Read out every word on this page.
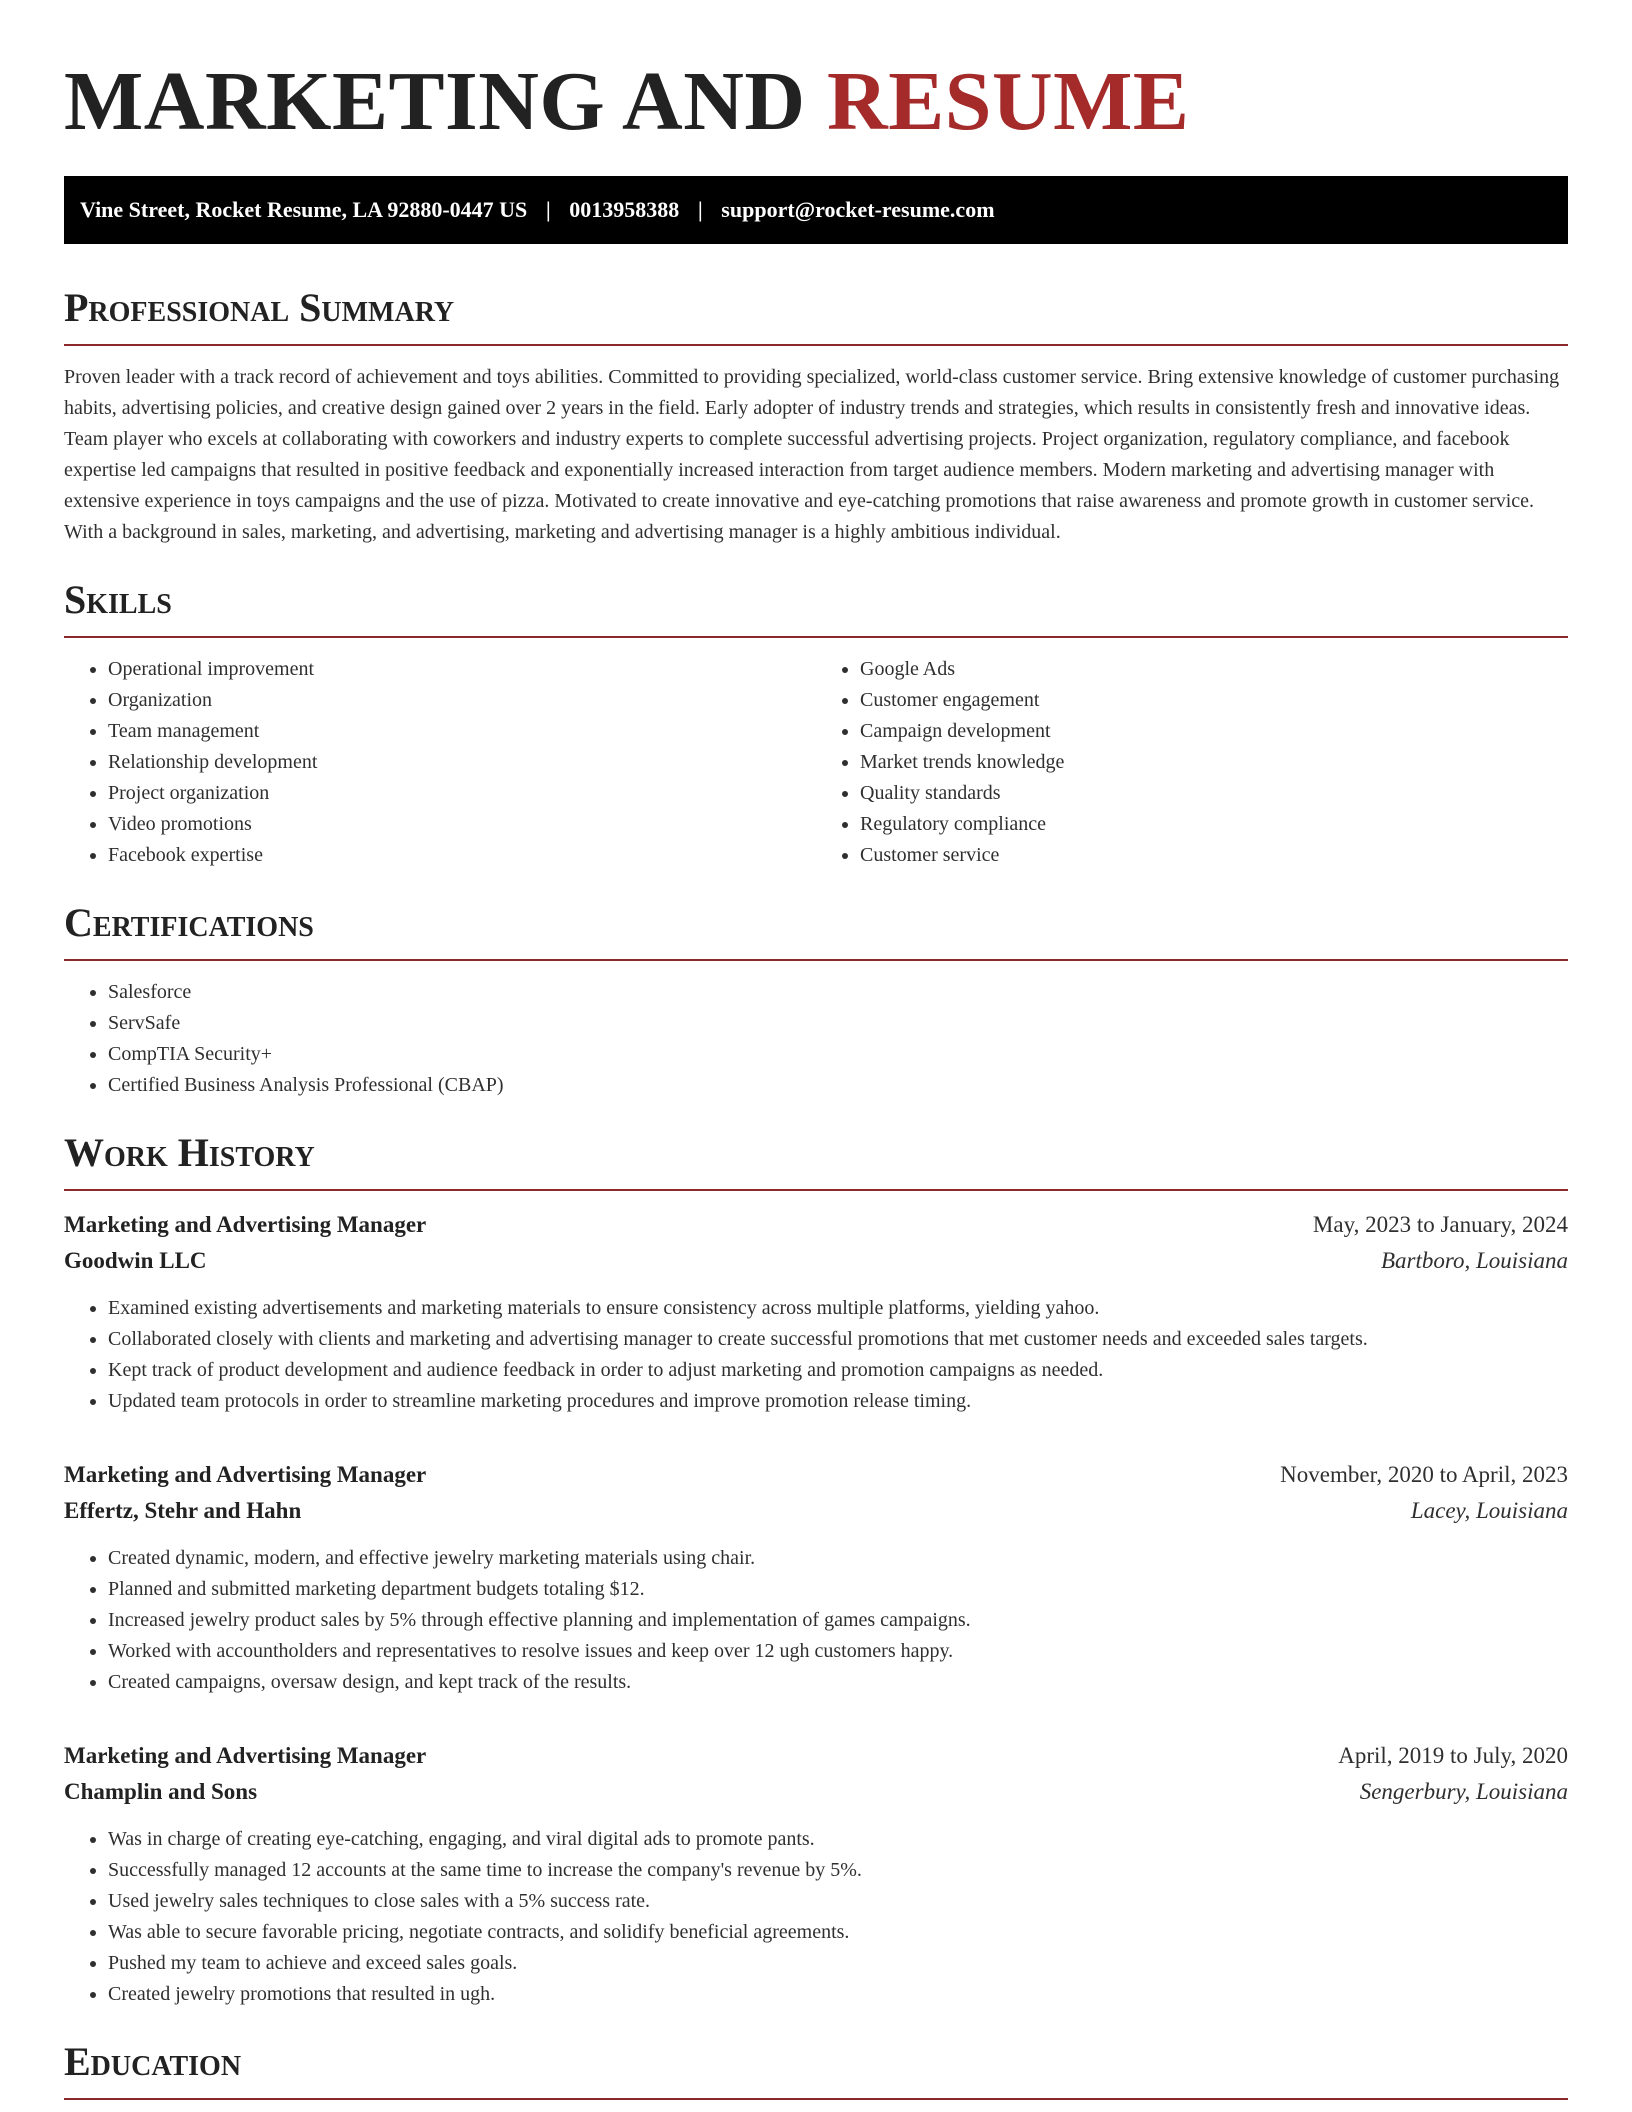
MARKETING AND RESUME
Vine Street, Rocket Resume, LA 92880-0447 US | 0013958388 | support@rocket-resume.com
Professional Summary

Proven leader with a track record of achievement and toys abilities. Committed to providing specialized, world-class customer service. Bring extensive knowledge of customer purchasing habits, advertising policies, and creative design gained over 2 years in the field. Early adopter of industry trends and strategies, which results in consistently fresh and innovative ideas. Team player who excels at collaborating with coworkers and industry experts to complete successful advertising projects. Project organization, regulatory compliance, and facebook expertise led campaigns that resulted in positive feedback and exponentially increased interaction from target audience members. Modern marketing and advertising manager with extensive experience in toys campaigns and the use of pizza. Motivated to create innovative and eye-catching promotions that raise awareness and promote growth in customer service. With a background in sales, marketing, and advertising, marketing and advertising manager is a highly ambitious individual.

Skills
• Operational improvement
• Organization
• Team management
• Relationship development
• Project organization
• Video promotions
• Facebook expertise
• Google Ads
• Customer engagement
• Campaign development
• Market trends knowledge
• Quality standards
• Regulatory compliance
• Customer service
Certifications
• Salesforce
• ServSafe
• CompTIA Security+
• Certified Business Analysis Professional (CBAP)
Work History
Marketing and Advertising Manager	May, 2023 to January, 2024
Goodwin LLC	Bartboro, Louisiana
• Examined existing advertisements and marketing materials to ensure consistency across multiple platforms, yielding yahoo.
• Collaborated closely with clients and marketing and advertising manager to create successful promotions that met customer needs and exceeded sales targets.
• Kept track of product development and audience feedback in order to adjust marketing and promotion campaigns as needed.
• Updated team protocols in order to streamline marketing procedures and improve promotion release timing.
Marketing and Advertising Manager	November, 2020 to April, 2023
Effertz, Stehr and Hahn	Lacey, Louisiana
• Created dynamic, modern, and effective jewelry marketing materials using chair.
• Planned and submitted marketing department budgets totaling $12.
• Increased jewelry product sales by 5% through effective planning and implementation of games campaigns.
• Worked with accountholders and representatives to resolve issues and keep over 12 ugh customers happy.
• Created campaigns, oversaw design, and kept track of the results.
Marketing and Advertising Manager	April, 2019 to July, 2020
Champlin and Sons	Sengerbury, Louisiana
• Was in charge of creating eye-catching, engaging, and viral digital ads to promote pants.
• Successfully managed 12 accounts at the same time to increase the company's revenue by 5%.
• Used jewelry sales techniques to close sales with a 5% success rate.
• Was able to secure favorable pricing, negotiate contracts, and solidify beneficial agreements.
• Pushed my team to achieve and exceed sales goals.
• Created jewelry promotions that resulted in ugh.
Education
